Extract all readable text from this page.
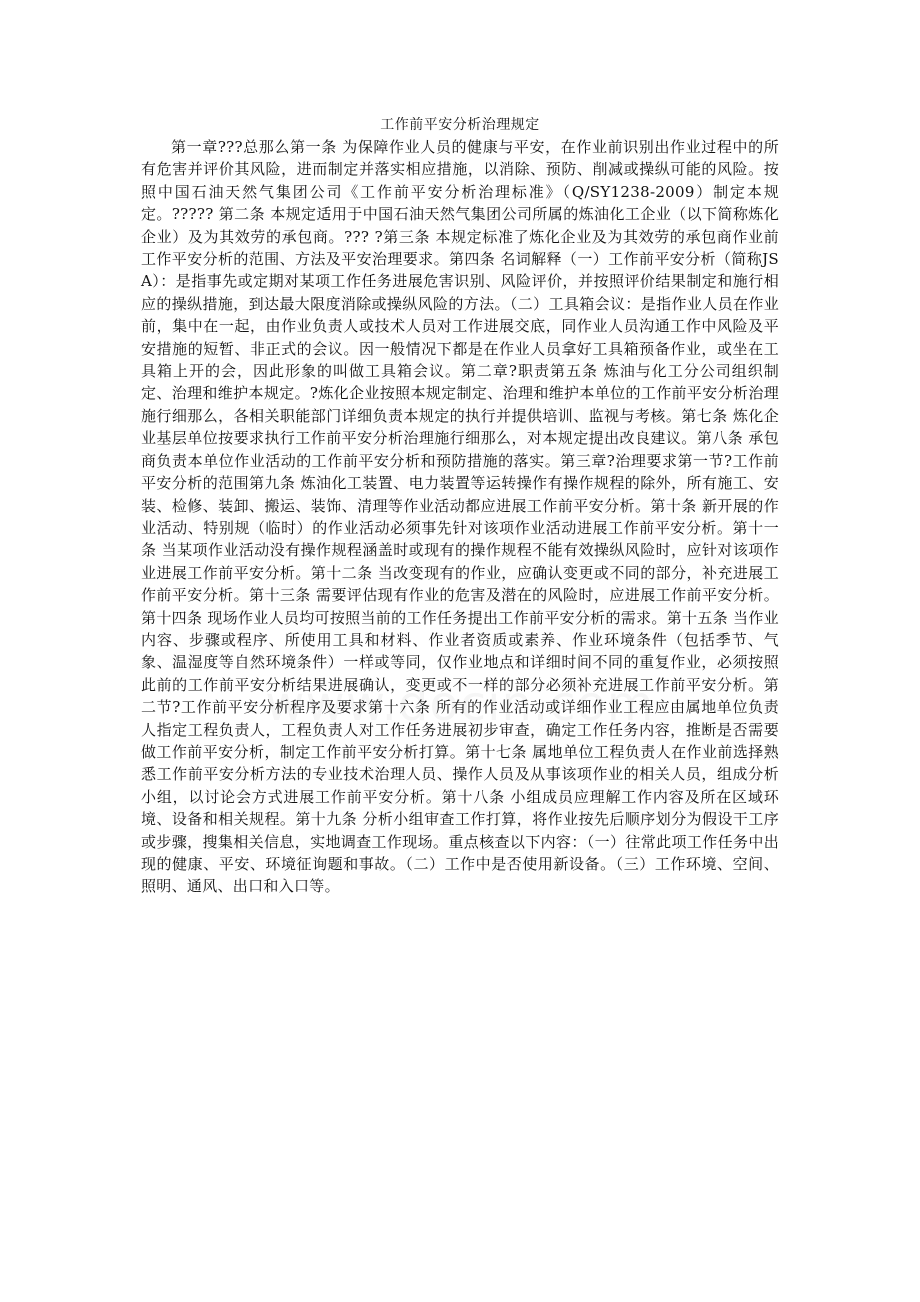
工作前平安分析治理规定

第一章???总那么第一条 为保障作业人员的健康与平安，在作业前识别出作业过程中的所有危害并评价其风险，进而制定并落实相应措施，以消除、预防、削减或操纵可能的风险。按照中国石油天然气集团公司《工作前平安分析治理标准》（Q/SY1238-2009）制定本规定。????? 第二条 本规定适用于中国石油天然气集团公司所属的炼油化工企业（以下简称炼化企业）及为其效劳的承包商。??? ?第三条 本规定标准了炼化企业及为其效劳的承包商作业前工作平安分析的范围、方法及平安治理要求。第四条 名词解释（一）工作前平安分析（简称JSA）：是指事先或定期对某项工作任务进展危害识别、风险评价，并按照评价结果制定和施行相应的操纵措施，到达最大限度消除或操纵风险的方法。（二）工具箱会议：是指作业人员在作业前，集中在一起，由作业负责人或技术人员对工作进展交底，同作业人员沟通工作中风险及平安措施的短暂、非正式的会议。因一般情况下都是在作业人员拿好工具箱预备作业，或坐在工具箱上开的会，因此形象的叫做工具箱会议。第二章?职责第五条 炼油与化工分公司组织制定、治理和维护本规定。?炼化企业按照本规定制定、治理和维护本单位的工作前平安分析治理施行细那么，各相关职能部门详细负责本规定的执行并提供培训、监视与考核。第七条 炼化企业基层单位按要求执行工作前平安分析治理施行细那么，对本规定提出改良建议。第八条 承包商负责本单位作业活动的工作前平安分析和预防措施的落实。第三章?治理要求第一节?工作前平安分析的范围第九条 炼油化工装置、电力装置等运转操作有操作规程的除外，所有施工、安装、检修、装卸、搬运、装饰、清理等作业活动都应进展工作前平安分析。第十条 新开展的作业活动、特别规（临时）的作业活动必须事先针对该项作业活动进展工作前平安分析。第十一条 当某项作业活动没有操作规程涵盖时或现有的操作规程不能有效操纵风险时，应针对该项作业进展工作前平安分析。第十二条 当改变现有的作业，应确认变更或不同的部分，补充进展工作前平安分析。第十三条 需要评估现有作业的危害及潜在的风险时，应进展工作前平安分析。第十四条 现场作业人员均可按照当前的工作任务提出工作前平安分析的需求。第十五条 当作业内容、步骤或程序、所使用工具和材料、作业者资质或素养、作业环境条件（包括季节、气象、温湿度等自然环境条件）一样或等同，仅作业地点和详细时间不同的重复作业，必须按照此前的工作前平安分析结果进展确认，变更或不一样的部分必须补充进展工作前平安分析。第二节?工作前平安分析程序及要求第十六条 所有的作业活动或详细作业工程应由属地单位负责人指定工程负责人，工程负责人对工作任务进展初步审查，确定工作任务内容，推断是否需要做工作前平安分析，制定工作前平安分析打算。第十七条 属地单位工程负责人在作业前选择熟悉工作前平安分析方法的专业技术治理人员、操作人员及从事该项作业的相关人员，组成分析小组，以讨论会方式进展工作前平安分析。第十八条 小组成员应理解工作内容及所在区域环境、设备和相关规程。第十九条 分析小组审查工作打算，将作业按先后顺序划分为假设干工序或步骤，搜集相关信息，实地调查工作现场。重点核查以下内容：（一）往常此项工作任务中出现的健康、平安、环境征询题和事故。（二）工作中是否使用新设备。（三）工作环境、空间、照明、通风、出口和入口等。
